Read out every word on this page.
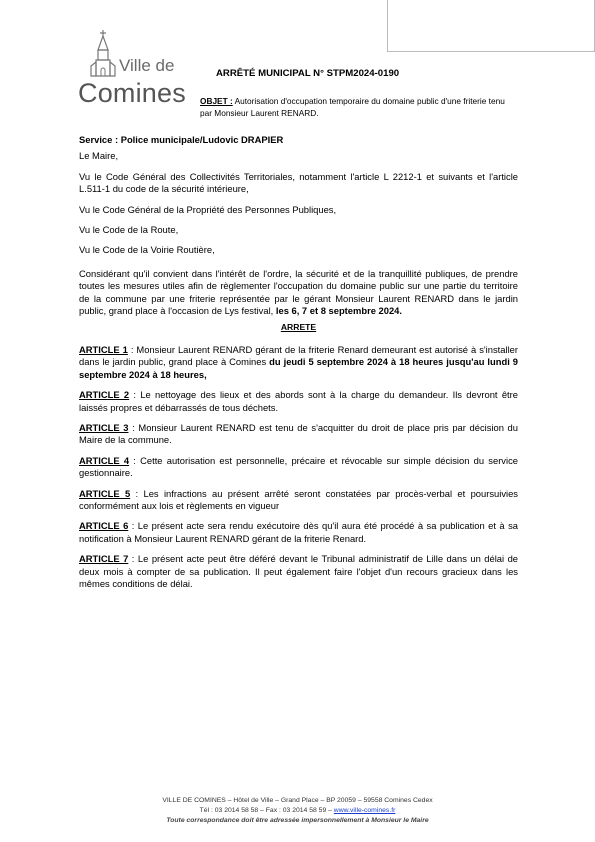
Ville de
Comines
ARRÊTÉ MUNICIPAL N° STPM2024-0190
OBJET : Autorisation d'occupation temporaire du domaine public d'une friterie tenu par Monsieur Laurent RENARD.

Service : Police municipale/Ludovic DRAPIER

Le Maire,

Vu le Code Général des Collectivités Territoriales, notamment l'article L 2212-1 et suivants et l'article L.511-1 du code de la sécurité intérieure,

Vu le Code Général de la Propriété des Personnes Publiques,

Vu le Code de la Route,

Vu le Code de la Voirie Routière,

Considérant qu'il convient dans l'intérêt de l'ordre, la sécurité et de la tranquillité publiques, de prendre toutes les mesures utiles afin de règlementer l'occupation du domaine public sur une partie du territoire de la commune par une friterie représentée par le gérant Monsieur Laurent RENARD dans le jardin public, grand place à l'occasion de Lys festival, les 6, 7 et 8 septembre 2024.

ARRETE

ARTICLE 1 : Monsieur Laurent RENARD gérant de la friterie Renard demeurant est autorisé à s'installer dans le jardin public, grand place à Comines du jeudi 5 septembre 2024 à 18 heures jusqu'au lundi 9 septembre 2024 à 18 heures,

ARTICLE 2 : Le nettoyage des lieux et des abords sont à la charge du demandeur. Ils devront être laissés propres et débarrassés de tous déchets.

ARTICLE 3 : Monsieur Laurent RENARD est tenu de s'acquitter du droit de place pris par décision du Maire de la commune.

ARTICLE 4 : Cette autorisation est personnelle, précaire et révocable sur simple décision du service gestionnaire.

ARTICLE 5 : Les infractions au présent arrêté seront constatées par procès-verbal et poursuivies conformément aux lois et règlements en vigueur

ARTICLE 6 : Le présent acte sera rendu exécutoire dès qu'il aura été procédé à sa publication et à sa notification à Monsieur Laurent RENARD gérant de la friterie Renard.

ARTICLE 7 : Le présent acte peut être déféré devant le Tribunal administratif de Lille dans un délai de deux mois à compter de sa publication. Il peut également faire l'objet d'un recours gracieux dans les mêmes conditions de délai.

VILLE DE COMINES – Hôtel de Ville – Grand Place – BP 20059 – 59558 Comines Cedex
Tél : 03 2014 58 58 – Fax : 03 2014 58 59 – www.ville-comines.fr
Toute correspondance doit être adressée impersonnellement à Monsieur le Maire
